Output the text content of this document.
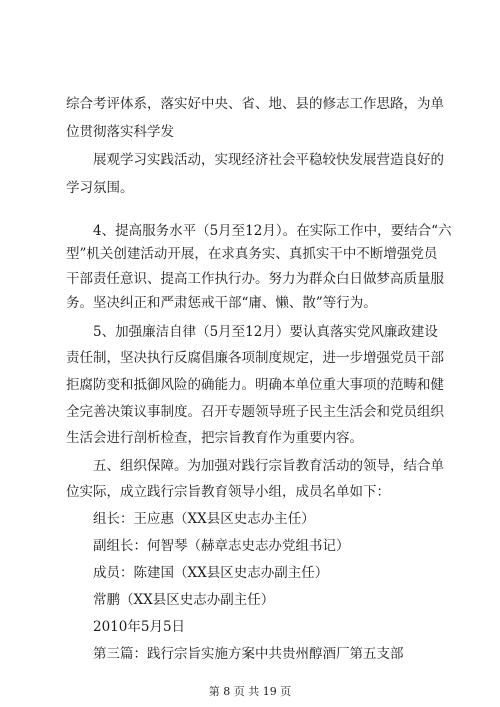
综合考评体系，落实好中央、省、地、县的修志工作思路，为单
位贯彻落实科学发
展观学习实践活动，实现经济社会平稳较快发展营造良好的
学习氛围。
4、提高服务水平（5月至12月）。在实际工作中，要结合“六
型”机关创建活动开展，在求真务实、真抓实干中不断增强党员
干部责任意识、提高工作执行办。努力为群众白日做梦高质量服
务。坚决纠正和严肃惩戒干部“庸、懒、散”等行为。
5、加强廉洁自律（5月至12月）要认真落实党风廉政建设
责任制，坚决执行反腐倡廉各项制度规定，进一步增强党员干部
拒腐防变和抵御风险的确能力。明确本单位重大事项的范畴和健
全完善决策议事制度。召开专题领导班子民主生活会和党员组织
生活会进行剖析检查，把宗旨教育作为重要内容。
五、组织保障。为加强对践行宗旨教育活动的领导，结合单
位实际，成立践行宗旨教育领导小组，成员名单如下：
组长：王应惠（XX县区史志办主任）
副组长：何智琴（赫章志史志办党组书记）
成员：陈建国（XX县区史志办副主任）
常鹏（XX县区史志办副主任）
2010年5月5日
第三篇：践行宗旨实施方案中共贵州醇酒厂第五支部
第 8 页 共 19 页
